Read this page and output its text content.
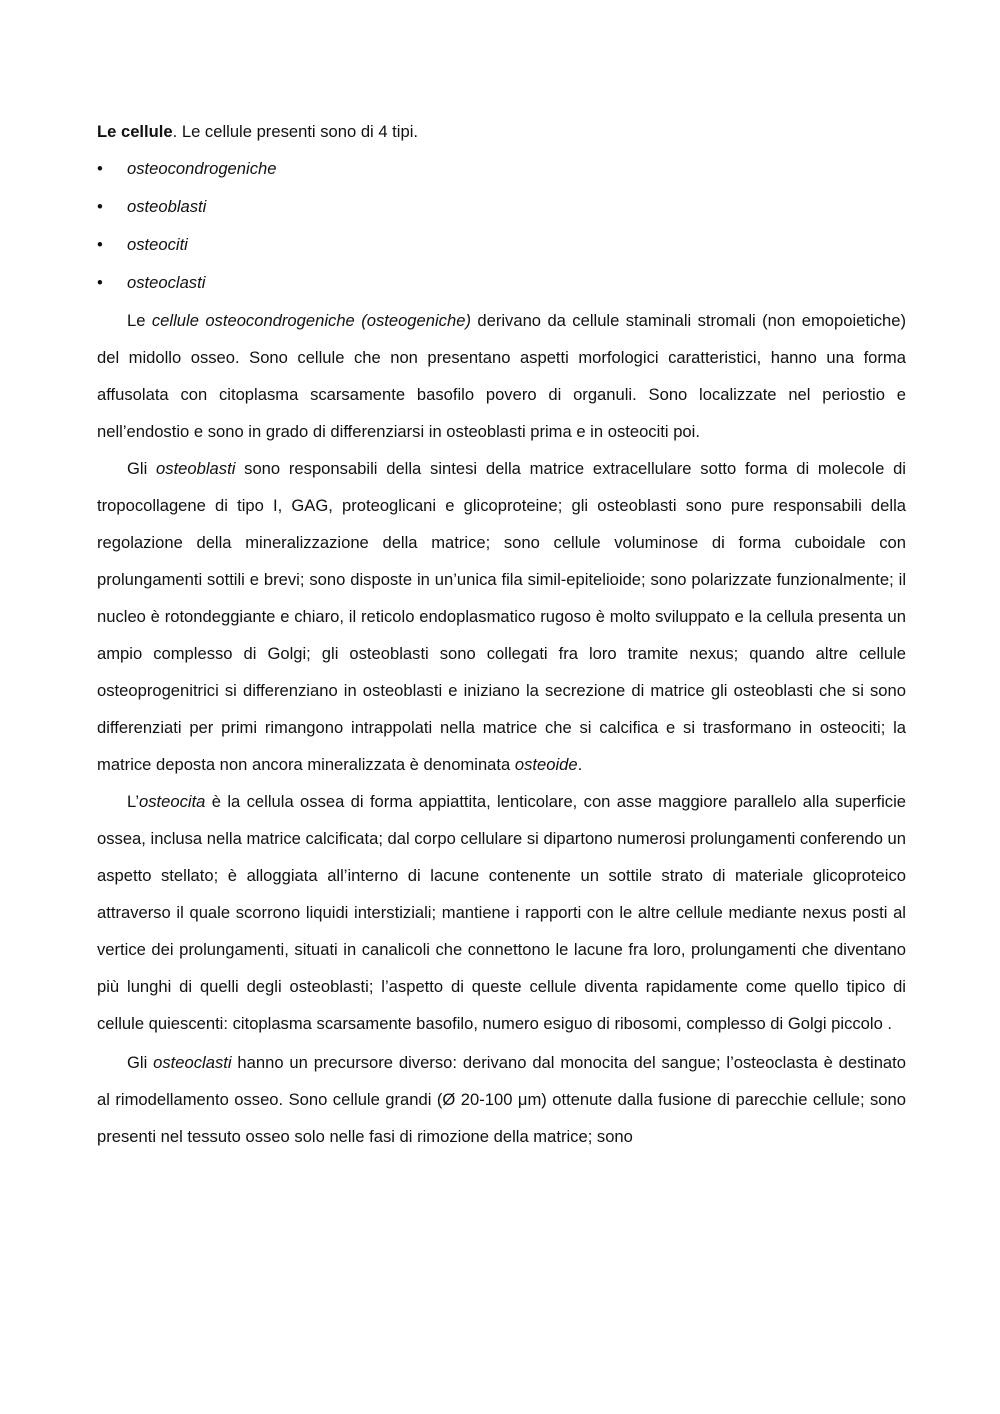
Le cellule. Le cellule presenti sono di 4 tipi.

• osteocondrogeniche
• osteoblasti
• osteociti
• osteoclasti

Le cellule osteocondrogeniche (osteogeniche) derivano da cellule staminali stromali (non emopoietiche) del midollo osseo. Sono cellule che non presentano aspetti morfologici caratteristici, hanno una forma affusolata con citoplasma scarsamente basofilo povero di organuli. Sono localizzate nel periostio e nell’endostio e sono in grado di differenziarsi in osteoblasti prima e in osteociti poi.

Gli osteoblasti sono responsabili della sintesi della matrice extracellulare sotto forma di molecole di tropocollagene di tipo I, GAG, proteoglicani e glicoproteine; gli osteoblasti sono pure responsabili della regolazione della mineralizzazione della matrice; sono cellule voluminose di forma cuboidale con prolungamenti sottili e brevi; sono disposte in un’unica fila simil-epitelioide; sono polarizzate funzionalmente; il nucleo è rotondeggiante e chiaro, il reticolo endoplasmatico rugoso è molto sviluppato e la cellula presenta un ampio complesso di Golgi; gli osteoblasti sono collegati fra loro tramite nexus; quando altre cellule osteoprogenitrici si differenziano in osteoblasti e iniziano la secrezione di matrice gli osteoblasti che si sono differenziati per primi rimangono intrappolati nella matrice che si calcifica e si trasformano in osteociti; la matrice deposta non ancora mineralizzata è denominata osteoide.

L’osteocita è la cellula ossea di forma appiattita, lenticolare, con asse maggiore parallelo alla superficie ossea, inclusa nella matrice calcificata; dal corpo cellulare si dipartono numerosi prolungamenti conferendo un aspetto stellato; è alloggiata all’interno di lacune contenente un sottile strato di materiale glicoproteico attraverso il quale scorrono liquidi interstiziali; mantiene i rapporti con le altre cellule mediante nexus posti al vertice dei prolungamenti, situati in canalicoli che connettono le lacune fra loro, prolungamenti che diventano più lunghi di quelli degli osteoblasti; l’aspetto di queste cellule diventa rapidamente come quello tipico di cellule quiescenti: citoplasma scarsamente basofilo, numero esiguo di ribosomi, complesso di Golgi piccolo .

Gli osteoclasti hanno un precursore diverso: derivano dal monocita del sangue; l’osteoclasta è destinato al rimodellamento osseo. Sono cellule grandi (Ø 20-100 μm) ottenute dalla fusione di parecchie cellule; sono presenti nel tessuto osseo solo nelle fasi di rimozione della matrice; sono
